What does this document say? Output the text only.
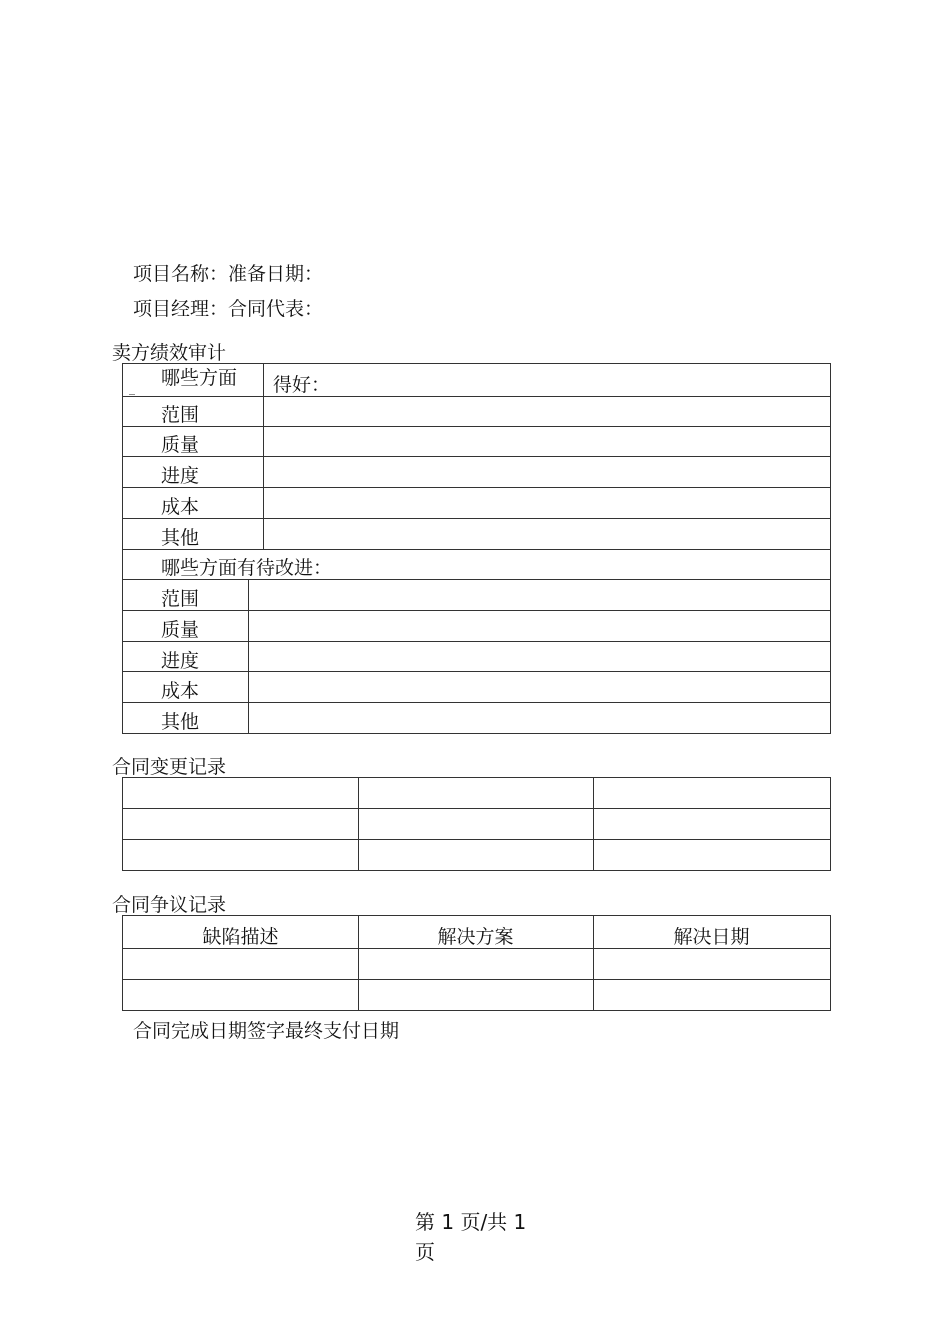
项目名称：准备日期：
项目经理：合同代表：
卖方绩效审计
_ 哪些方面 得好：
范围
质量
进度
成本
其他
哪些方面有待改进：
范围
质量
进度
成本
其他
合同变更记录
合同争议记录
缺陷描述	解决方案	解决日期
合同完成日期签字最终支付日期
第 1 页/共 1
页
